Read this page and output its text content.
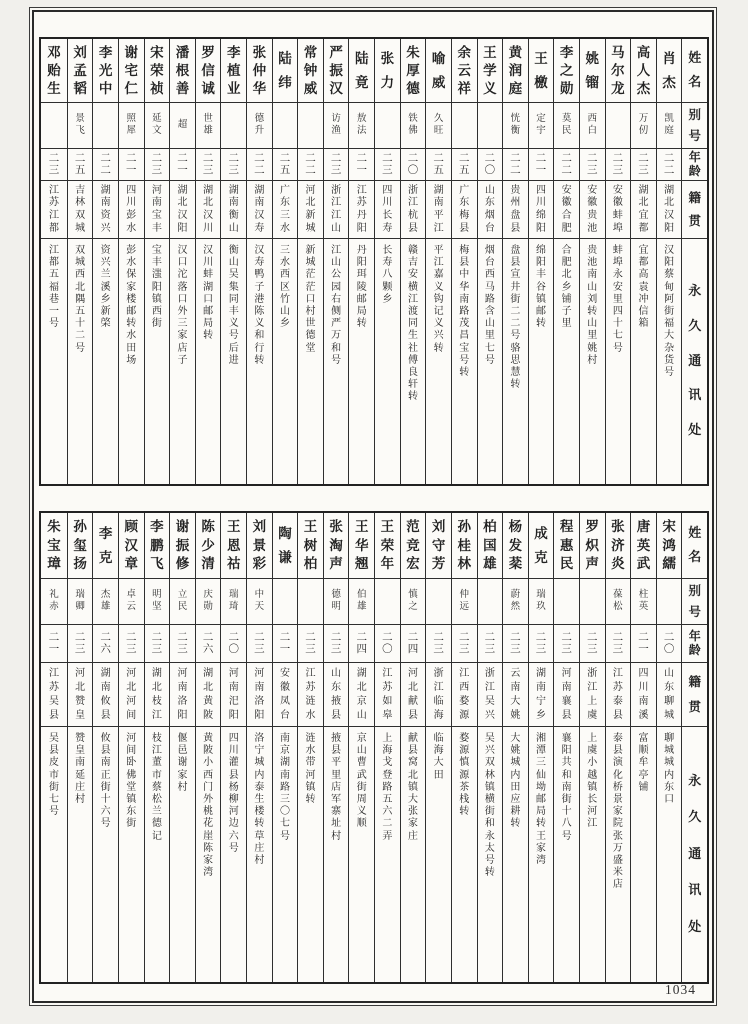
姓
名
别
号
年
龄
籍
贯
永
久
通
讯
处
肖
杰
凯
庭
二
二
湖
北
汉
阳
汉
阳
蔡
甸
阿
街
福
大
杂
货
号
高
人
杰
万
仞
二
三
湖
北
宜
都
宜
都
高
袁
冲
信
箱
马
尔
龙
二
三
安
徽
蚌
埠
蚌
埠
永
安
里
四
十
七
号
姚
镏
西
白
二
三
安
徽
贵
池
贵
池
南
山
刘
转
山
里
姚
村
李
之
勋
莫
民
二
二
安
徽
合
肥
合
肥
北
乡
铺
子
里
王
檄
定
宇
二
一
四
川
绵
阳
绵
阳
丰
谷
镇
邮
转
黄
润
庭
恍
衡
二
二
贵
州
盘
县
盘
县
宣
井
街
二
二
号
骆
思
慧
转
王
学
义
二
〇
山
东
烟
台
烟
台
西
马
路
含
山
里
七
号
余
云
祥
二
五
广
东
梅
县
梅
县
中
华
南
路
茂
昌
宝
号
转
喻
威
久
旺
二
五
湖
南
平
江
平
江
嘉
义
钩
记
义
兴
转
朱
厚
德
铁
佛
二
〇
浙
江
杭
县
赣
吉
安
横
江
渡
同
生
社
傅
良
轩
转
张
力
二
三
四
川
长
寿
长
寿
八
颗
乡
陆
竟
敖
法
二
一
江
苏
丹
阳
丹
阳
珥
陵
邮
局
转
严
振
汉
访
渔
二
三
浙
江
江
山
江
山
公
园
右
侧
严
万
和
号
常
钟
威
二
二
河
北
新
城
新
城
茫
茫
口
村
世
德
堂
陆
纬
二
五
广
东
三
水
三
水
西
区
竹
山
乡
张
仲
华
德
升
二
二
湖
南
汉
寿
汉
寿
鸭
子
港
陈
义
和
行
转
李
植
业
二
三
湖
南
衡
山
衡
山
吴
集
同
丰
义
号
后
进
罗
信
诚
世
雄
二
三
湖
北
汉
川
汉
川
蚌
湖
口
邮
局
转
潘
根
善
超
二
一
湖
北
汉
阳
汉
口
沱
落
口
外
三
家
店
子
宋
荣
祯
延
文
二
三
河
南
宝
丰
宝
丰
滍
阳
镇
西
街
谢
宅
仁
照
犀
二
一
四
川
彭
水
彭
水
保
家
楼
邮
转
水
田
场
李
光
中
二
二
湖
南
资
兴
资
兴
兰
溪
乡
新
棨
刘
孟
韬
景
飞
二
五
吉
林
双
城
双
城
西
北
隅
五
十
二
号
邓
贻
生
二
三
江
苏
江
都
江
都
五
福
巷
一
号
姓
名
别
号
年
龄
籍
贯
永
久
通
讯
处
宋
鸿
繻
二
〇
山
东
聊
城
聊
城
城
内
东
口
唐
英
武
柱
英
二
一
四
川
南
溪
富
顺
牟
亭
铺
张
济
炎
葆
松
二
三
江
苏
泰
县
泰
县
演
化
桥
景
家
院
张
万
盛
米
店
罗
炽
声
二
三
浙
江
上
虞
上
虞
小
越
镇
长
河
江
程
惠
民
二
三
河
南
襄
县
襄
阳
共
和
南
街
十
八
号
成
克
瑞
玖
二
三
湖
南
宁
乡
湘
潭
三
仙
坳
邮
局
转
王
家
湾
杨
发
棻
蔚
然
二
三
云
南
大
姚
大
姚
城
内
田
应
耕
转
柏
国
雄
二
三
浙
江
吴
兴
吴
兴
双
林
镇
横
街
和
永
太
号
转
孙
桂
林
仲
远
二
三
江
西
婺
源
婺
源
慎
源
茶
栈
转
刘
守
芳
二
三
浙
江
临
海
临
海
大
田
范
竞
宏
慎
之
二
四
河
北
献
县
献
县
窝
北
镇
大
张
家
庄
王
荣
年
二
〇
江
苏
如
皋
上
海
戈
登
路
五
六
二
弄
王
华
翘
伯
雄
二
四
湖
北
京
山
京
山
曹
武
街
周
义
顺
张
淘
声
德
明
二
三
山
东
掖
县
掖
县
平
里
店
军
寨
址
村
王
树
柏
二
三
江
苏
涟
水
涟
水
带
河
镇
转
陶
谦
二
一
安
徽
凤
台
南
京
湖
南
路
三
〇
七
号
刘
景
彩
中
天
二
三
河
南
洛
阳
洛
宁
城
内
泰
生
楼
转
草
庄
村
王
恩
祜
瑞
琦
二
〇
河
南
汜
阳
四
川
灌
县
杨
柳
河
边
六
号
陈
少
清
庆
勋
二
六
湖
北
黄
陂
黄
陂
小
西
门
外
桃
花
崖
陈
家
湾
谢
振
修
立
民
二
三
河
南
洛
阳
偃
邑
谢
家
村
李
鹏
飞
明
坚
二
三
湖
北
枝
江
枝
江
董
市
蔡
松
兰
德
记
顾
汉
章
卓
云
二
三
河
北
河
间
河
间
卧
佛
堂
镇
东
街
李
克
杰
雄
二
六
湖
南
攸
县
攸
县
南
正
街
十
六
号
孙
玺
扬
瑞
卿
二
三
河
北
赞
皇
赞
皇
南
延
庄
村
朱
宝
璋
礼
赤
二
一
江
苏
吴
县
吴
县
皮
市
街
七
号
1034
